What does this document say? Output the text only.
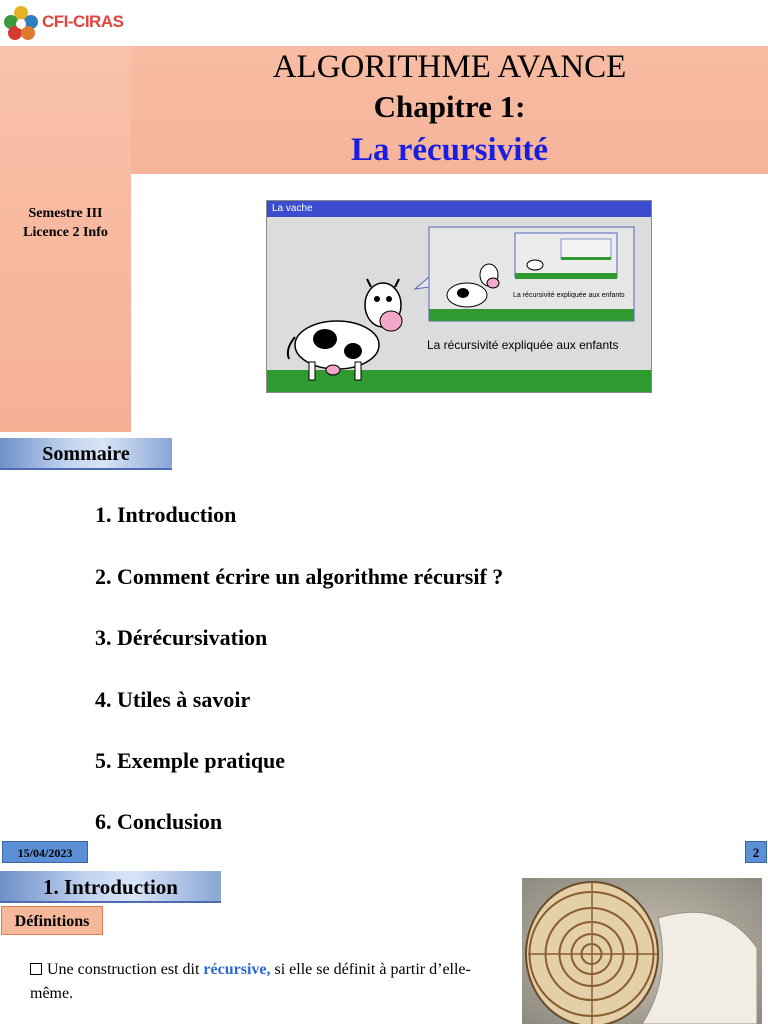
CFI-CIRAS
ALGORITHME AVANCE
Chapitre 1:
La récursivité
Semestre III
Licence 2 Info
La vache
La récursivité expliquée aux enfants
La récursivité expliquée aux enfants
Sommaire
1. Introduction
2. Comment écrire un algorithme récursif ?
3. Dérécursivation
4. Utiles à savoir
5. Exemple pratique
6. Conclusion
15/04/2023	2
1. Introduction
Définitions
Une construction est dit récursive, si elle se définit à partir d’elle-même.
